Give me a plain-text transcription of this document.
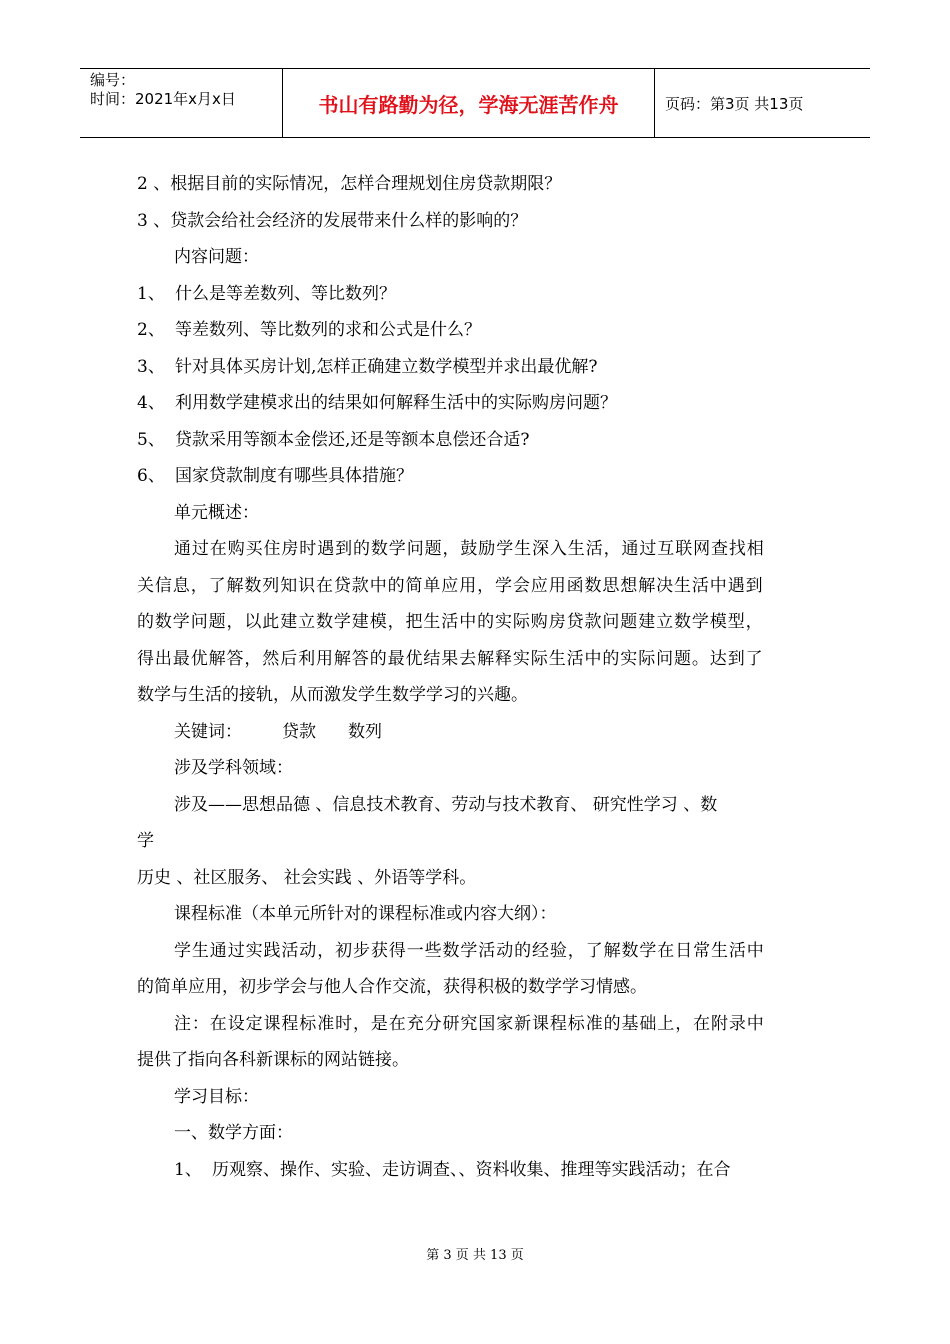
编号：
时间：2021年x月x日	书山有路勤为径，学海无涯苦作舟	页码：第3页 共13页

2 、根据目前的实际情况，怎样合理规划住房贷款期限？

3 、贷款会给社会经济的发展带来什么样的影响的？

内容问题：

1、 什么是等差数列、等比数列？

2、 等差数列、等比数列的求和公式是什么？

3、 针对具体买房计划,怎样正确建立数学模型并求出最优解?

4、 利用数学建模求出的结果如何解释生活中的实际购房问题？

5、 贷款采用等额本金偿还,还是等额本息偿还合适?

6、 国家贷款制度有哪些具体措施？

单元概述：

通过在购买住房时遇到的数学问题，鼓励学生深入生活，通过互联网查找相

关信息，了解数列知识在贷款中的简单应用，学会应用函数思想解决生活中遇到

的数学问题，以此建立数学建模，把生活中的实际购房贷款问题建立数学模型，

得出最优解答，然后利用解答的最优结果去解释实际生活中的实际问题。达到了

数学与生活的接轨，从而激发学生数学学习的兴趣。

关键词： 贷款 数列

涉及学科领域：

涉及——思想品德 、信息技术教育、劳动与技术教育、 研究性学习 、数

学

历史 、社区服务、 社会实践 、外语等学科。

课程标准（本单元所针对的课程标准或内容大纲）：

学生通过实践活动，初步获得一些数学活动的经验，了解数学在日常生活中

的简单应用，初步学会与他人合作交流，获得积极的数学学习情感。

注：在设定课程标准时，是在充分研究国家新课程标准的基础上，在附录中

提供了指向各科新课标的网站链接。

学习目标：

一、数学方面：

1、 历观察、操作、实验、走访调查、、资料收集、推理等实践活动；在合

第 3 页 共 13 页
